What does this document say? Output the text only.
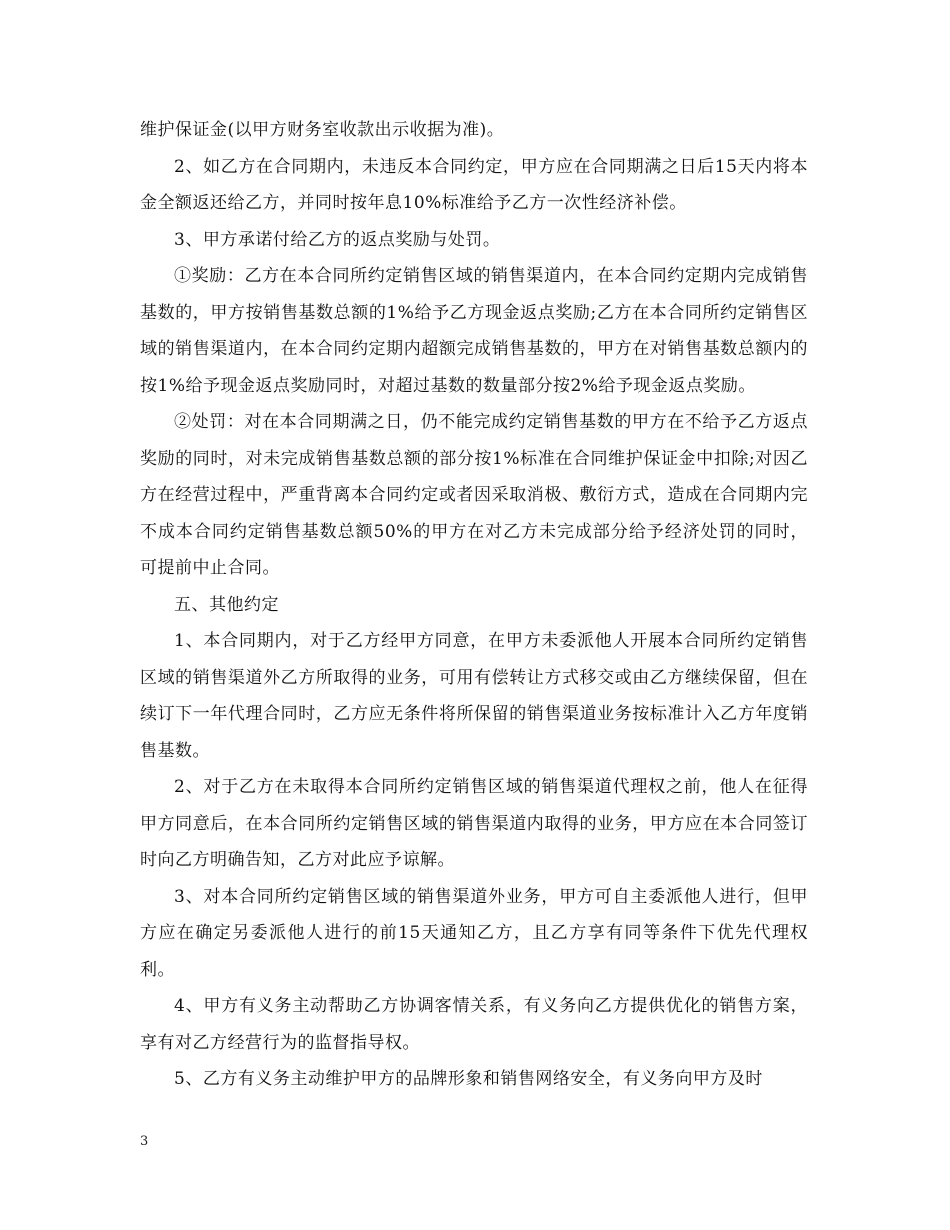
维护保证金(以甲方财务室收款出示收据为准)。

2、如乙方在合同期内，未违反本合同约定，甲方应在合同期满之日后15天内将本金全额返还给乙方，并同时按年息10%标准给予乙方一次性经济补偿。

3、甲方承诺付给乙方的返点奖励与处罚。

①奖励：乙方在本合同所约定销售区域的销售渠道内，在本合同约定期内完成销售基数的，甲方按销售基数总额的1%给予乙方现金返点奖励;乙方在本合同所约定销售区域的销售渠道内，在本合同约定期内超额完成销售基数的，甲方在对销售基数总额内的按1%给予现金返点奖励同时，对超过基数的数量部分按2%给予现金返点奖励。

②处罚：对在本合同期满之日，仍不能完成约定销售基数的甲方在不给予乙方返点奖励的同时，对未完成销售基数总额的部分按1%标准在合同维护保证金中扣除;对因乙方在经营过程中，严重背离本合同约定或者因采取消极、敷衍方式，造成在合同期内完不成本合同约定销售基数总额50%的甲方在对乙方未完成部分给予经济处罚的同时，可提前中止合同。

五、其他约定

1、本合同期内，对于乙方经甲方同意，在甲方未委派他人开展本合同所约定销售区域的销售渠道外乙方所取得的业务，可用有偿转让方式移交或由乙方继续保留，但在续订下一年代理合同时，乙方应无条件将所保留的销售渠道业务按标准计入乙方年度销售基数。

2、对于乙方在未取得本合同所约定销售区域的销售渠道代理权之前，他人在征得甲方同意后，在本合同所约定销售区域的销售渠道内取得的业务，甲方应在本合同签订时向乙方明确告知，乙方对此应予谅解。

3、对本合同所约定销售区域的销售渠道外业务，甲方可自主委派他人进行，但甲方应在确定另委派他人进行的前15天通知乙方，且乙方享有同等条件下优先代理权利。

4、甲方有义务主动帮助乙方协调客情关系，有义务向乙方提供优化的销售方案，享有对乙方经营行为的监督指导权。

5、乙方有义务主动维护甲方的品牌形象和销售网络安全，有义务向甲方及时

3
